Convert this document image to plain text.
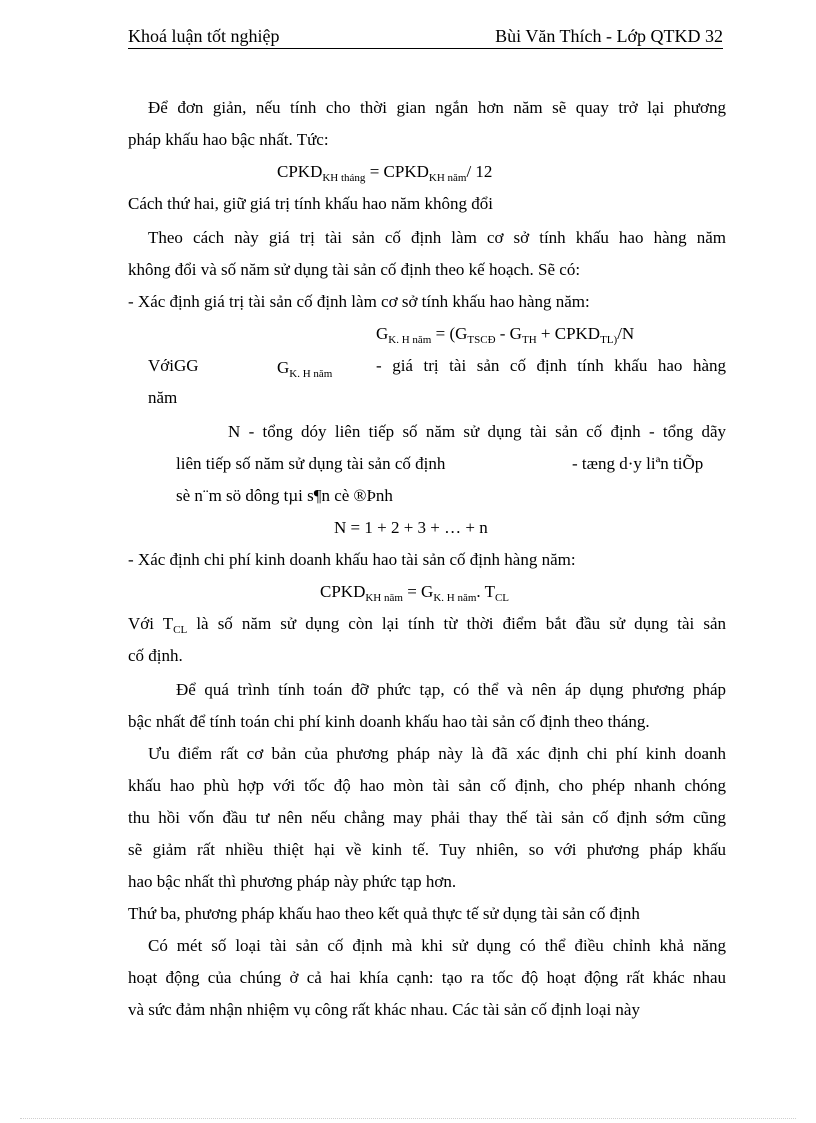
Khoá luận tốt nghiệp	Bùi Văn Thích - Lớp QTKD 32
Để đơn giản, nếu tính cho thời gian ngắn hơn năm sẽ quay trở lại phương
pháp khấu hao bậc nhất. Tức:
$CPKD_{KH tháng}$ = $CPKD_{KH năm}/$ 12
Cách thứ hai, giữ giá trị tính khấu hao năm không đổi
Theo cách này giá trị tài sản cố định làm cơ sở tính khấu hao hàng năm
không đổi và số năm sử dụng tài sản cố định theo kế hoạch. Sẽ có:
- Xác định giá trị tài sản cố định làm cơ sở tính khấu hao hàng năm:
$G_{K. H năm} = (G_{TSCĐ} - G_{TH}$ + $CPKD_{TL)}/N$
VớiGG	$G_{K. H năm}$	- giá trị tài sản cố định tính khấu hao hàng
năm
N - tổng dóy liên tiếp số năm sử dụng tài sản cố định - tổng dãy
liên tiếp số năm sử dụng tài sản cố định	- tæng d·y liªn tiÕp
sè n¨m sö dông tµi s¶n cè ®Þnh
N = 1 + 2 + 3 + … + n
- Xác định chi phí kinh doanh khấu hao tài sản cố định hàng năm:
$CPKD_{KH năm} = G_{K. H năm}$. $T_{CL}$
Với $T_{CL}$ là số năm sử dụng còn lại tính từ thời điểm bắt đầu sử dụng tài sản
cố định.
Để quá trình tính toán đỡ phức tạp, có thể và nên áp dụng phương pháp
bậc nhất để tính toán chi phí kinh doanh khấu hao tài sản cố định theo tháng.
Ưu điểm rất cơ bản của phương pháp này là đã xác định chi phí kinh doanh
khấu hao phù hợp với tốc độ hao mòn tài sản cố định, cho phép nhanh chóng
thu hồi vốn đầu tư nên nếu chẳng may phải thay thế tài sản cố định sớm cũng
sẽ giảm rất nhiều thiệt hại về kinh tế. Tuy nhiên, so với phương pháp khấu
hao bậc nhất thì phương pháp này phức tạp hơn.
Thứ ba, phương pháp khấu hao theo kết quả thực tế sử dụng tài sản cố định
Có mét số loại tài sản cố định mà khi sử dụng có thể điều chỉnh khả năng
hoạt động của chúng ở cả hai khía cạnh: tạo ra tốc độ hoạt động rất khác nhau
và sức đảm nhận nhiệm vụ công rất khác nhau. Các tài sản cố định loại này
